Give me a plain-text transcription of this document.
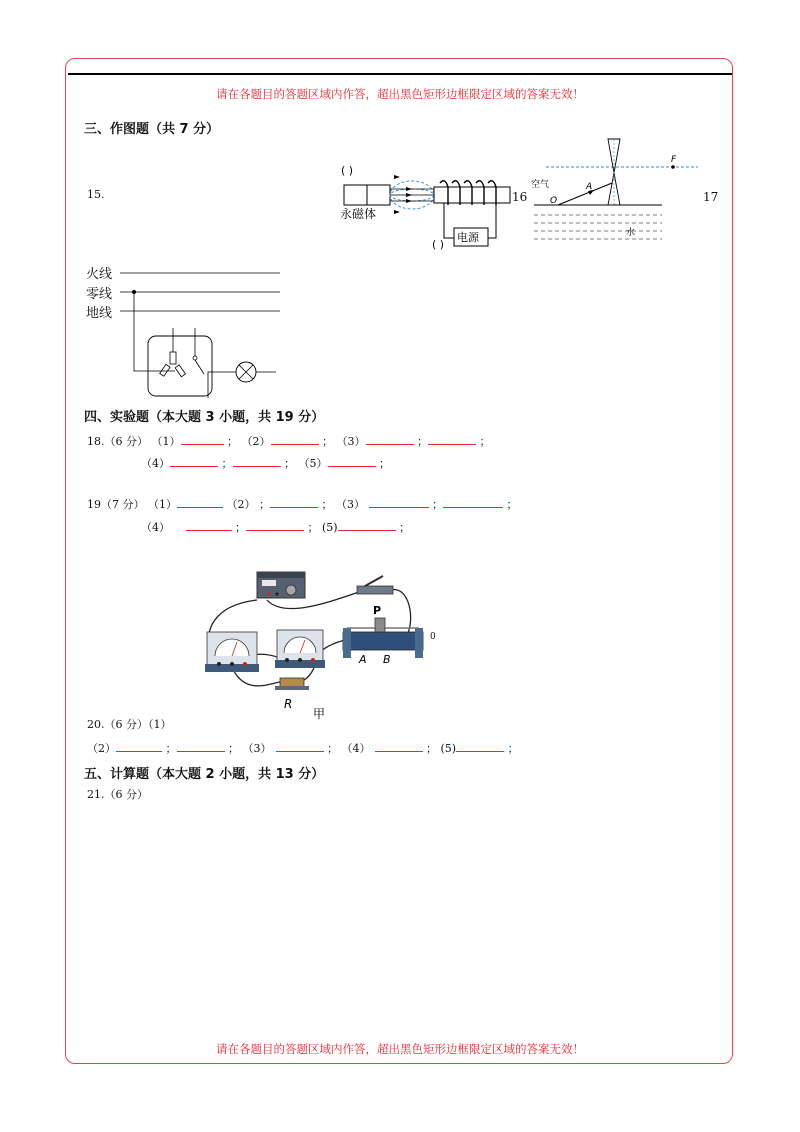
请在各题目的答题区域内作答，超出黑色矩形边框限定区域的答案无效！
三、作图题（共 7 分）
15.
( )
永磁体
电源
( )
16
空气
水
F
O
A
17
火线
零线
地线
四、实验题（本大题 3 小题，共 19 分）
18.（6 分） （1）	； （2）	； （3）	；	；
（4）	；	； （5）	；
19（7 分） （1）	（2） ；	； （3）	；	；
（4）	；	； (5)	；
P
A B
R
甲
0
20.（6 分）（1）
（2）	；	； （3）	； （4）	； (5)	；
五、计算题（本大题 2 小题，共 13 分）
21.（6 分）
请在各题目的答题区域内作答，超出黑色矩形边框限定区域的答案无效！
